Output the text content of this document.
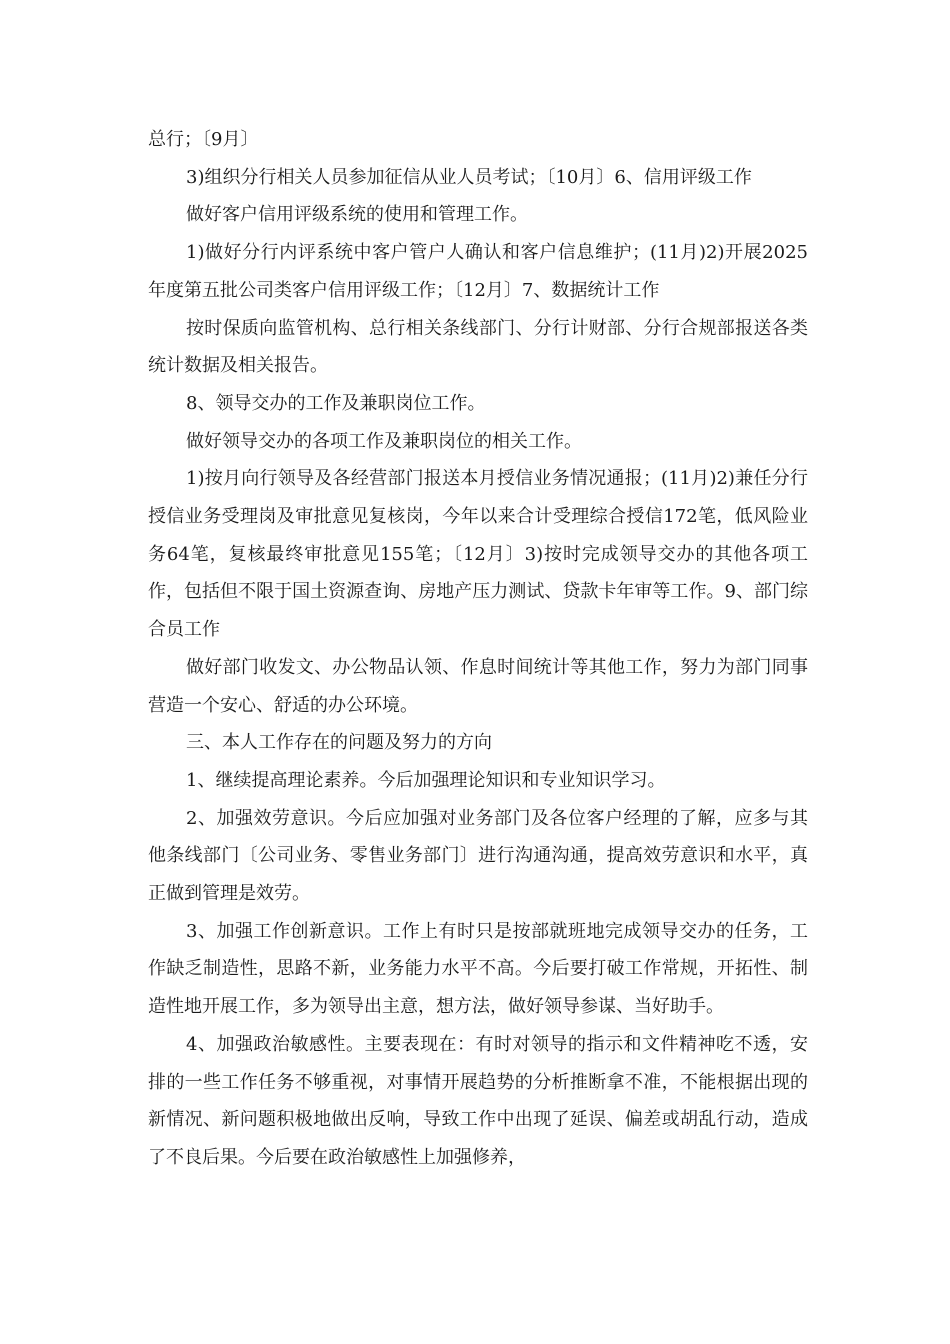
总行；〔9月〕

3)组织分行相关人员参加征信从业人员考试；〔10月〕6、信用评级工作

做好客户信用评级系统的使用和管理工作。

1)做好分行内评系统中客户管户人确认和客户信息维护；(11月)2)开展2025年度第五批公司类客户信用评级工作；〔12月〕7、数据统计工作

按时保质向监管机构、总行相关条线部门、分行计财部、分行合规部报送各类统计数据及相关报告。

8、领导交办的工作及兼职岗位工作。

做好领导交办的各项工作及兼职岗位的相关工作。

1)按月向行领导及各经营部门报送本月授信业务情况通报；(11月)2)兼任分行授信业务受理岗及审批意见复核岗，今年以来合计受理综合授信172笔，低风险业务64笔，复核最终审批意见155笔；〔12月〕3)按时完成领导交办的其他各项工作，包括但不限于国土资源查询、房地产压力测试、贷款卡年审等工作。9、部门综合员工作

做好部门收发文、办公物品认领、作息时间统计等其他工作，努力为部门同事营造一个安心、舒适的办公环境。

三、本人工作存在的问题及努力的方向

1、继续提高理论素养。今后加强理论知识和专业知识学习。

2、加强效劳意识。今后应加强对业务部门及各位客户经理的了解，应多与其他条线部门〔公司业务、零售业务部门〕进行沟通沟通，提高效劳意识和水平，真正做到管理是效劳。

3、加强工作创新意识。工作上有时只是按部就班地完成领导交办的任务，工作缺乏制造性，思路不新，业务能力水平不高。今后要打破工作常规，开拓性、制造性地开展工作，多为领导出主意，想方法，做好领导参谋、当好助手。

4、加强政治敏感性。主要表现在：有时对领导的指示和文件精神吃不透，安排的一些工作任务不够重视，对事情开展趋势的分析推断拿不准，不能根据出现的新情况、新问题积极地做出反响，导致工作中出现了延误、偏差或胡乱行动，造成了不良后果。今后要在政治敏感性上加强修养，
